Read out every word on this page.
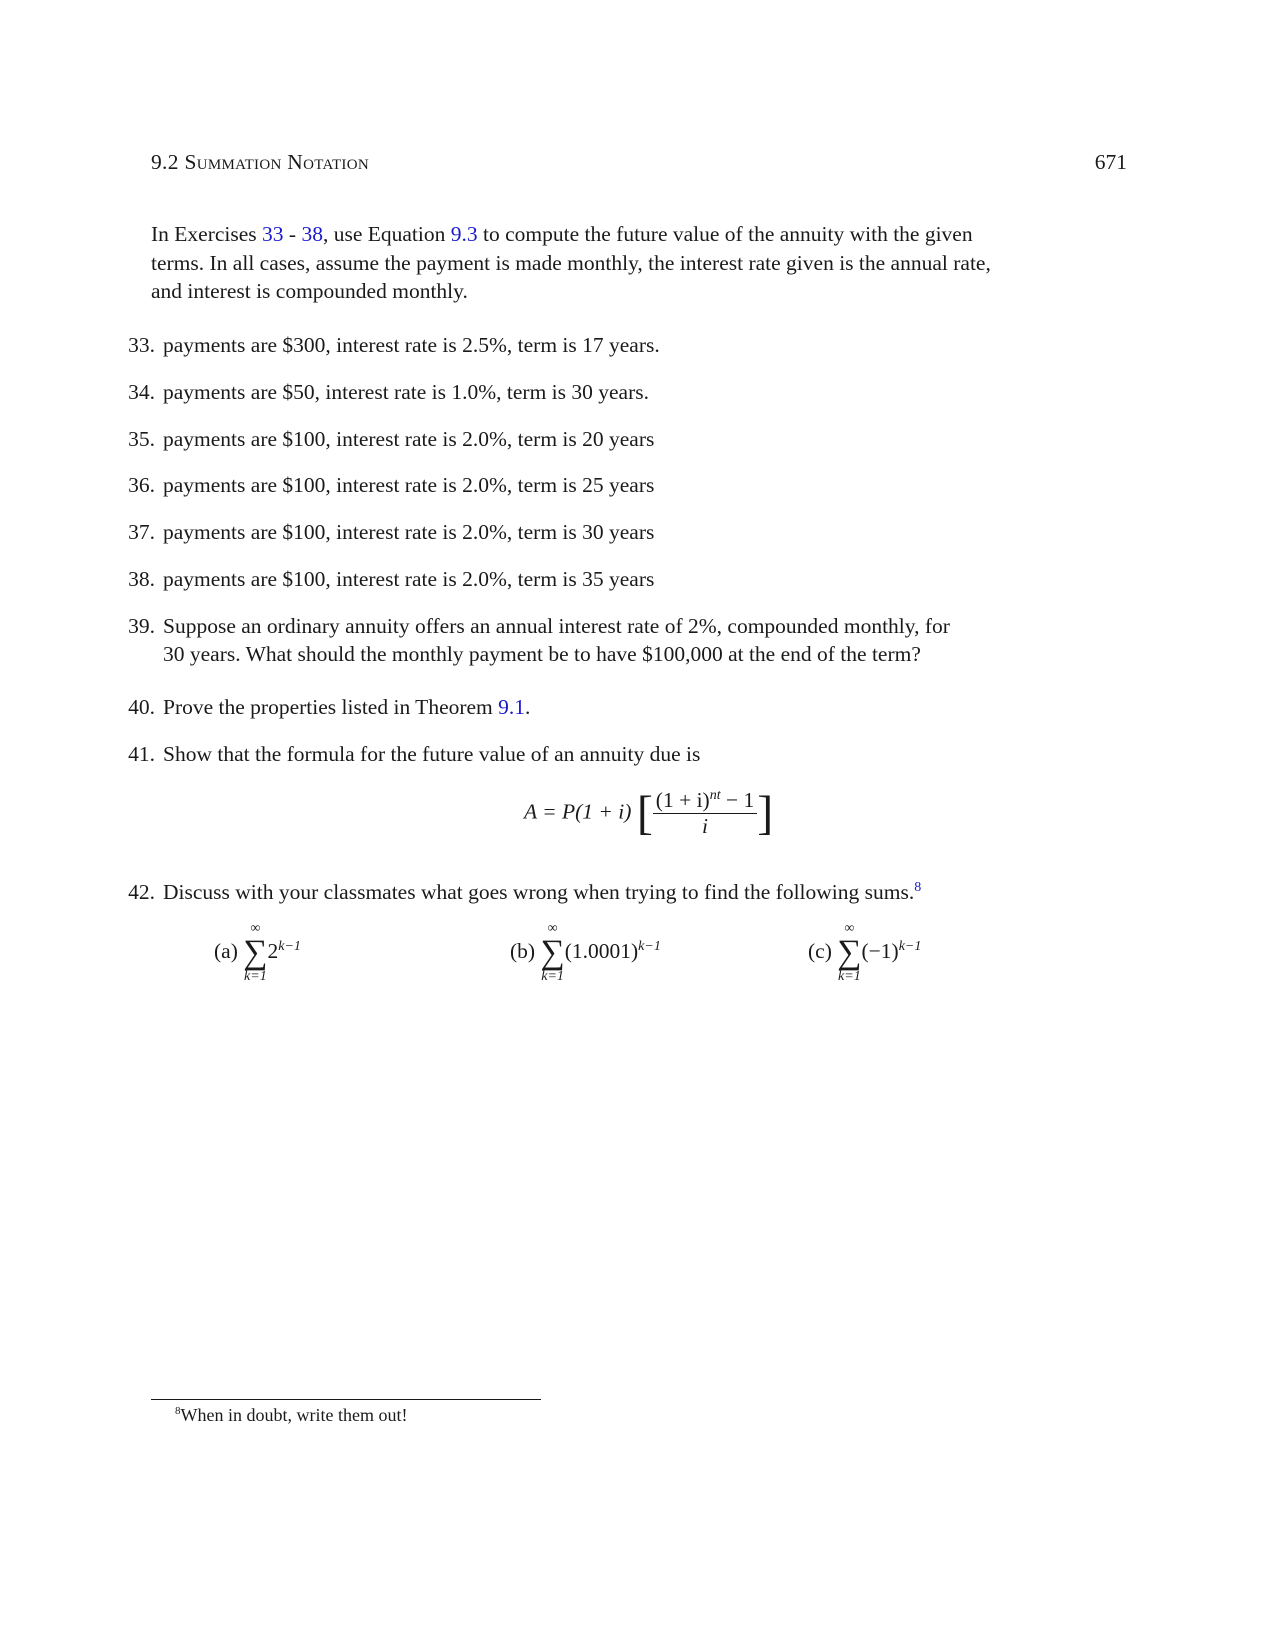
9.2 Summation Notation	671
In Exercises 33 - 38, use Equation 9.3 to compute the future value of the annuity with the given
terms. In all cases, assume the payment is made monthly, the interest rate given is the annual rate,
and interest is compounded monthly.
33. payments are $300, interest rate is 2.5%, term is 17 years.
34. payments are $50, interest rate is 1.0%, term is 30 years.
35. payments are $100, interest rate is 2.0%, term is 20 years
36. payments are $100, interest rate is 2.0%, term is 25 years
37. payments are $100, interest rate is 2.0%, term is 30 years
38. payments are $100, interest rate is 2.0%, term is 35 years
39. Suppose an ordinary annuity offers an annual interest rate of 2%, compounded monthly, for
30 years. What should the monthly payment be to have $100,000 at the end of the term?
40. Prove the properties listed in Theorem 9.1.
41. Show that the formula for the future value of an annuity due is
A = P(1 + i) [ $\frac{(1 + i)^{nt} - 1}{i}$ ]
42. Discuss with your classmates what goes wrong when trying to find the following sums.$^8$
(a)
∞
∑
k=1
$2^{k-1}$	(b)
∞
∑
k=1
$(1.0001)^{k-1}$	(c)
∞
∑
k=1
$(-1)^{k-1}$
$^8$When in doubt, write them out!
